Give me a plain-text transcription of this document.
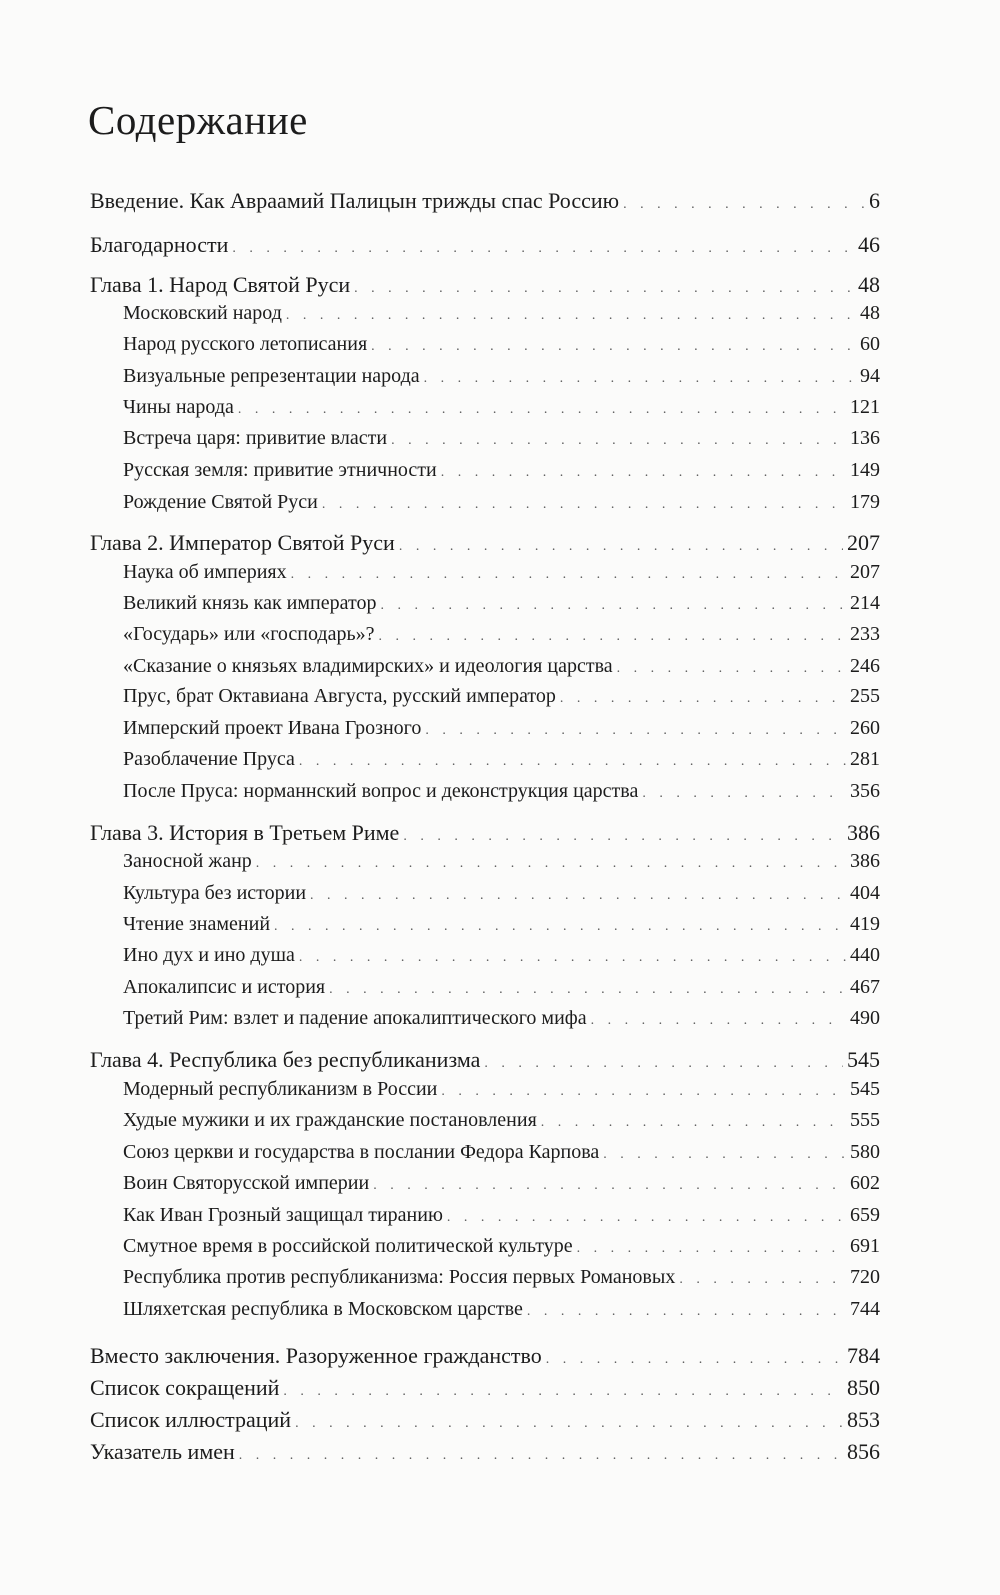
Содержание
Введение. Как Авраамий Палицын трижды спас Россию . . .	6
Благодарности . . .	46
Глава 1. Народ Святой Руси . . .	48
Московский народ . . .	48
Народ русского летописания . . .	60
Визуальные репрезентации народа . . .	94
Чины народа . . .	121
Встреча царя: привитие власти . . .	136
Русская земля: привитие этничности . . .	149
Рождение Святой Руси . . .	179
Глава 2. Император Святой Руси . . .	207
Наука об империях . . .	207
Великий князь как император . . .	214
«Государь» или «господарь»? . . .	233
«Сказание о князьях владимирских» и идеология царства . . .	246
Прус, брат Октавиана Августа, русский император . . .	255
Имперский проект Ивана Грозного . . .	260
Разоблачение Пруса . . .	281
После Пруса: норманнский вопрос и деконструкция царства . . .	356
Глава 3. История в Третьем Риме . . .	386
Заносной жанр . . .	386
Культура без истории . . .	404
Чтение знамений . . .	419
Ино дух и ино душа . . .	440
Апокалипсис и история . . .	467
Третий Рим: взлет и падение апокалиптического мифа . . .	490
Глава 4. Республика без республиканизма . . .	545
Модерный республиканизм в России . . .	545
Худые мужики и их гражданские постановления . . .	555
Союз церкви и государства в послании Федора Карпова . . .	580
Воин Святорусской империи . . .	602
Как Иван Грозный защищал тиранию . . .	659
Смутное время в российской политической культуре . . .	691
Республика против республиканизма: Россия первых Романовых . . .	720
Шляхетская республика в Московском царстве . . .	744
Вместо заключения. Разоруженное гражданство . . .	784
Список сокращений . . .	850
Список иллюстраций . . .	853
Указатель имен . . .	856
